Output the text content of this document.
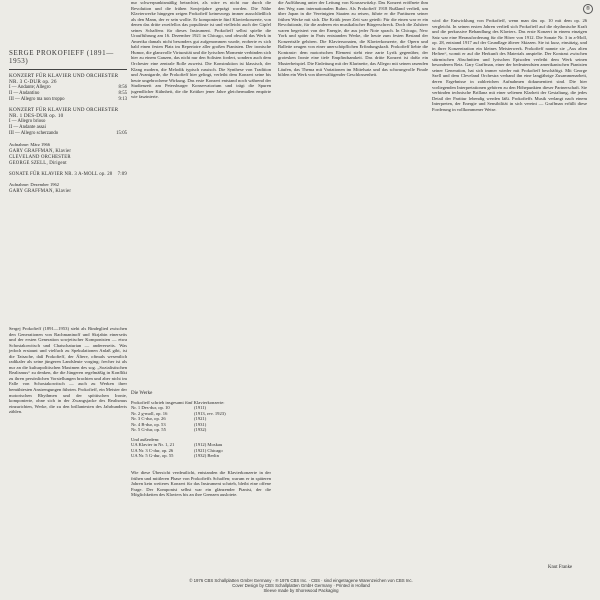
®
SERGE PROKOFIEFF (1891—1953)
KONZERT FÜR KLAVIER UND ORCHESTER NR. 3 C-DUR op. 26
I — Andante; Allegro	8:56
II — Andantino	8:55
III — Allegro ma non troppo	9:13
KONZERT FÜR KLAVIER UND ORCHESTER NR. 1 DES-DUR op. 10
I — Allegro brioso
II — Andante assai
III — Allegro scherzando	15:05
Aufnahme: März 1966
GARY GRAFFMAN, Klavier
CLEVELAND ORCHESTER
GEORGE SZELL, Dirigent
SONATE FÜR KLAVIER NR. 3 A-MOLL op. 28 7:09
Aufnahme: Dezember 1962
GARY GRAFFMAN, Klavier
Sergej Prokofieff (1891—1953) steht als Bindeglied zwischen den Generationen von Rachmaninoff und Skrjabin einerseits und der ersten Generation sowjetischer Komponisten — etwa Schostakowitsch und Chatschaturian — andererseits. Was jedoch erstaunt und vielfach zu Spekulationen Anlaß gibt, ist die Tatsache, daß Prokofieff, der Ältere, oftmals wesentlich radikaler als seine jüngeren Landsleute vorging; frecher ist als nur an die kulturpolitischen Maximen des sog. „Sozialistischen Realismus“ zu denken, die die Jüngeren regelmäßig in Konflikt zu ihren persönlichen Vorstellungen brachten und aber nicht im Falle von Schostakowitsch — auch zu Werken ihrer bemühtesten Anstrengungen führten. Prokofieff, ein Meister der motorischen Rhythmen und der spöttischen Ironie, komponierte, ohne sich in der Zwangsjacke des Realismus einzurichten, Werke, die zu den brillantesten des Jahrhunderts zählen.

nur schwerpunktsmäßig betrachtet, als wäre es nicht nur durch die Revolution und die frühen Sowjetjahre geprägt worden. Die Nähe Klavierwerke hingegen zeigen Prokofieff keineswegs immer ausschließlich als den Mann, der er sein wollte. Er komponierte fünf Klavierkonzerte, von denen das dritte zweifellos das populärste ist und vielleicht auch der Gipfel seines Schaffens für dieses Instrument. Prokofieff selbst spielte die Uraufführung am 16. Dezember 1921 in Chicago, und obwohl das Werk in Amerika damals nicht besonders gut aufgenommen wurde, eroberte es sich bald einen festen Platz im Repertoire aller großen Pianisten. Der ironische Humor, die glanzvolle Virtuosität und die lyrischen Momente verbinden sich hier zu einem Ganzen, das nicht nur den Solisten fordert, sondern auch dem Orchester eine zentrale Rolle zuweist. Die Konstruktion ist klassisch, der Klang modern, die Melodik typisch russisch. Die Synthese von Tradition und Avantgarde, die Prokofieff hier gelingt, verleiht dem Konzert seine bis heute ungebrochene Wirkung. Das erste Konzert entstand noch während der Studienzeit am Petersburger Konservatorium und trägt die Spuren jugendlicher Kühnheit, die die Kritiker jener Jahre gleichermaßen empörte wie faszinierte.

Die Werke
Prokofieff schrieb insgesamt fünf Klavierkonzerte:
Nr. 1 Des-dur, op. 10	(1911)
Nr. 2 g-moll, op. 16	(1913, rev. 1923)
Nr. 3 C-dur, op. 26	(1921)
Nr. 4 B-dur, op. 53	(1931)
Nr. 5 G-dur, op. 55	(1932)
Und außerdem:
UA Klavier in Nr. 1, 21	(1912) Moskau
UA Nr. 3 C-dur, op. 26	(1921) Chicago
UA Nr. 5 G-dur, op. 55	(1932) Berlin
Wie diese Übersicht verdeutlicht, entstanden die Klavierkonzerte in der frühen und mittleren Phase von Prokofieffs Schaffen; warum er in späteren Jahren kein weiteres Konzert für das Instrument schrieb, bleibt eine offene Frage. Der Komponist selbst war ein glänzender Pianist, der die Möglichkeiten des Klaviers bis an ihre Grenzen auslotete.

die Aufführung unter der Leitung von Koussewitzky. Das Konzert eröffnete ihm den Weg zum internationalen Ruhm. Als Prokofieff 1918 Rußland verließ, um über Japan in die Vereinigten Staaten zu reisen, führte er die Partituren seiner frühen Werke mit sich. Die Kritik jener Zeit war geteilt: Für die einen war er ein Revolutionär, für die anderen ein musikalischer Bürgerschreck. Doch die Zuhörer waren begeistert von der Energie, die aus jeder Note sprach. In Chicago, New York und später in Paris entstanden Werke, die heute zum festen Bestand der Konzertsäle gehören. Die Klaviersonaten, die Klavierkonzerte, die Opern und Ballette zeugen von einer unerschöpflichen Erfindungskraft. Prokofieff liebte die Kontraste: dem motorischen Element steht eine zarte Lyrik gegenüber, der grotesken Ironie eine tiefe Empfindsamkeit. Das dritte Konzert ist dafür ein Musterbeispiel. Die Einleitung mit der Klarinette, das Allegro mit seinen rasenden Läufen, das Thema mit Variationen im Mittelsatz und das schwungvolle Finale bilden ein Werk von überwältigender Geschlossenheit.

wird die Entwicklung von Prokofieff, wenn man das op. 10 mit dem op. 26 vergleicht. In seinen ersten Jahren verließ sich Prokofieff auf die rhythmische Kraft und die perkussive Behandlung des Klaviers. Das erste Konzert in einem einzigen Satz war eine Herausforderung für die Hörer von 1912. Die Sonate Nr. 3 in a-Moll, op. 28, entstand 1917 auf der Grundlage älterer Skizzen. Sie ist kurz, einsätzig, und in ihrer Konzentration ein kleines Meisterwerk. Prokofieff nannte sie „Aus alten Heften“, womit er auf die Herkunft des Materials anspielte. Der Kontrast zwischen stürmischen Abschnitten und lyrischen Episoden verleiht dem Werk seinen besonderen Reiz. Gary Graffman, einer der bedeutendsten amerikanischen Pianisten seiner Generation, hat sich immer wieder mit Prokofieff beschäftigt. Mit George Szell und dem Cleveland Orchestra verband ihn eine langjährige Zusammenarbeit, deren Ergebnisse in zahlreichen Aufnahmen dokumentiert sind. Die hier vorliegenden Interpretationen gehören zu den Höhepunkten dieser Partnerschaft. Sie verbinden technische Brillanz mit einer seltenen Klarheit der Gestaltung, die jedes Detail der Partitur lebendig werden läßt. Prokofieffs Musik verlangt nach einem Interpreten, der Energie und Sensibilität in sich vereint — Graffman erfüllt diese Forderung in vollkommener Weise.

Knut Franke
© 1976 CBS Schallplatten GmbH Germany · ℗ 1976 CBS Inc. · CBS · sind eingetragene Warenzeichen von CBS Inc.
Cover Design by CBS Schallplatten GmbH Germany · Printed in Holland
Sleeve made by Shorewood Packaging
